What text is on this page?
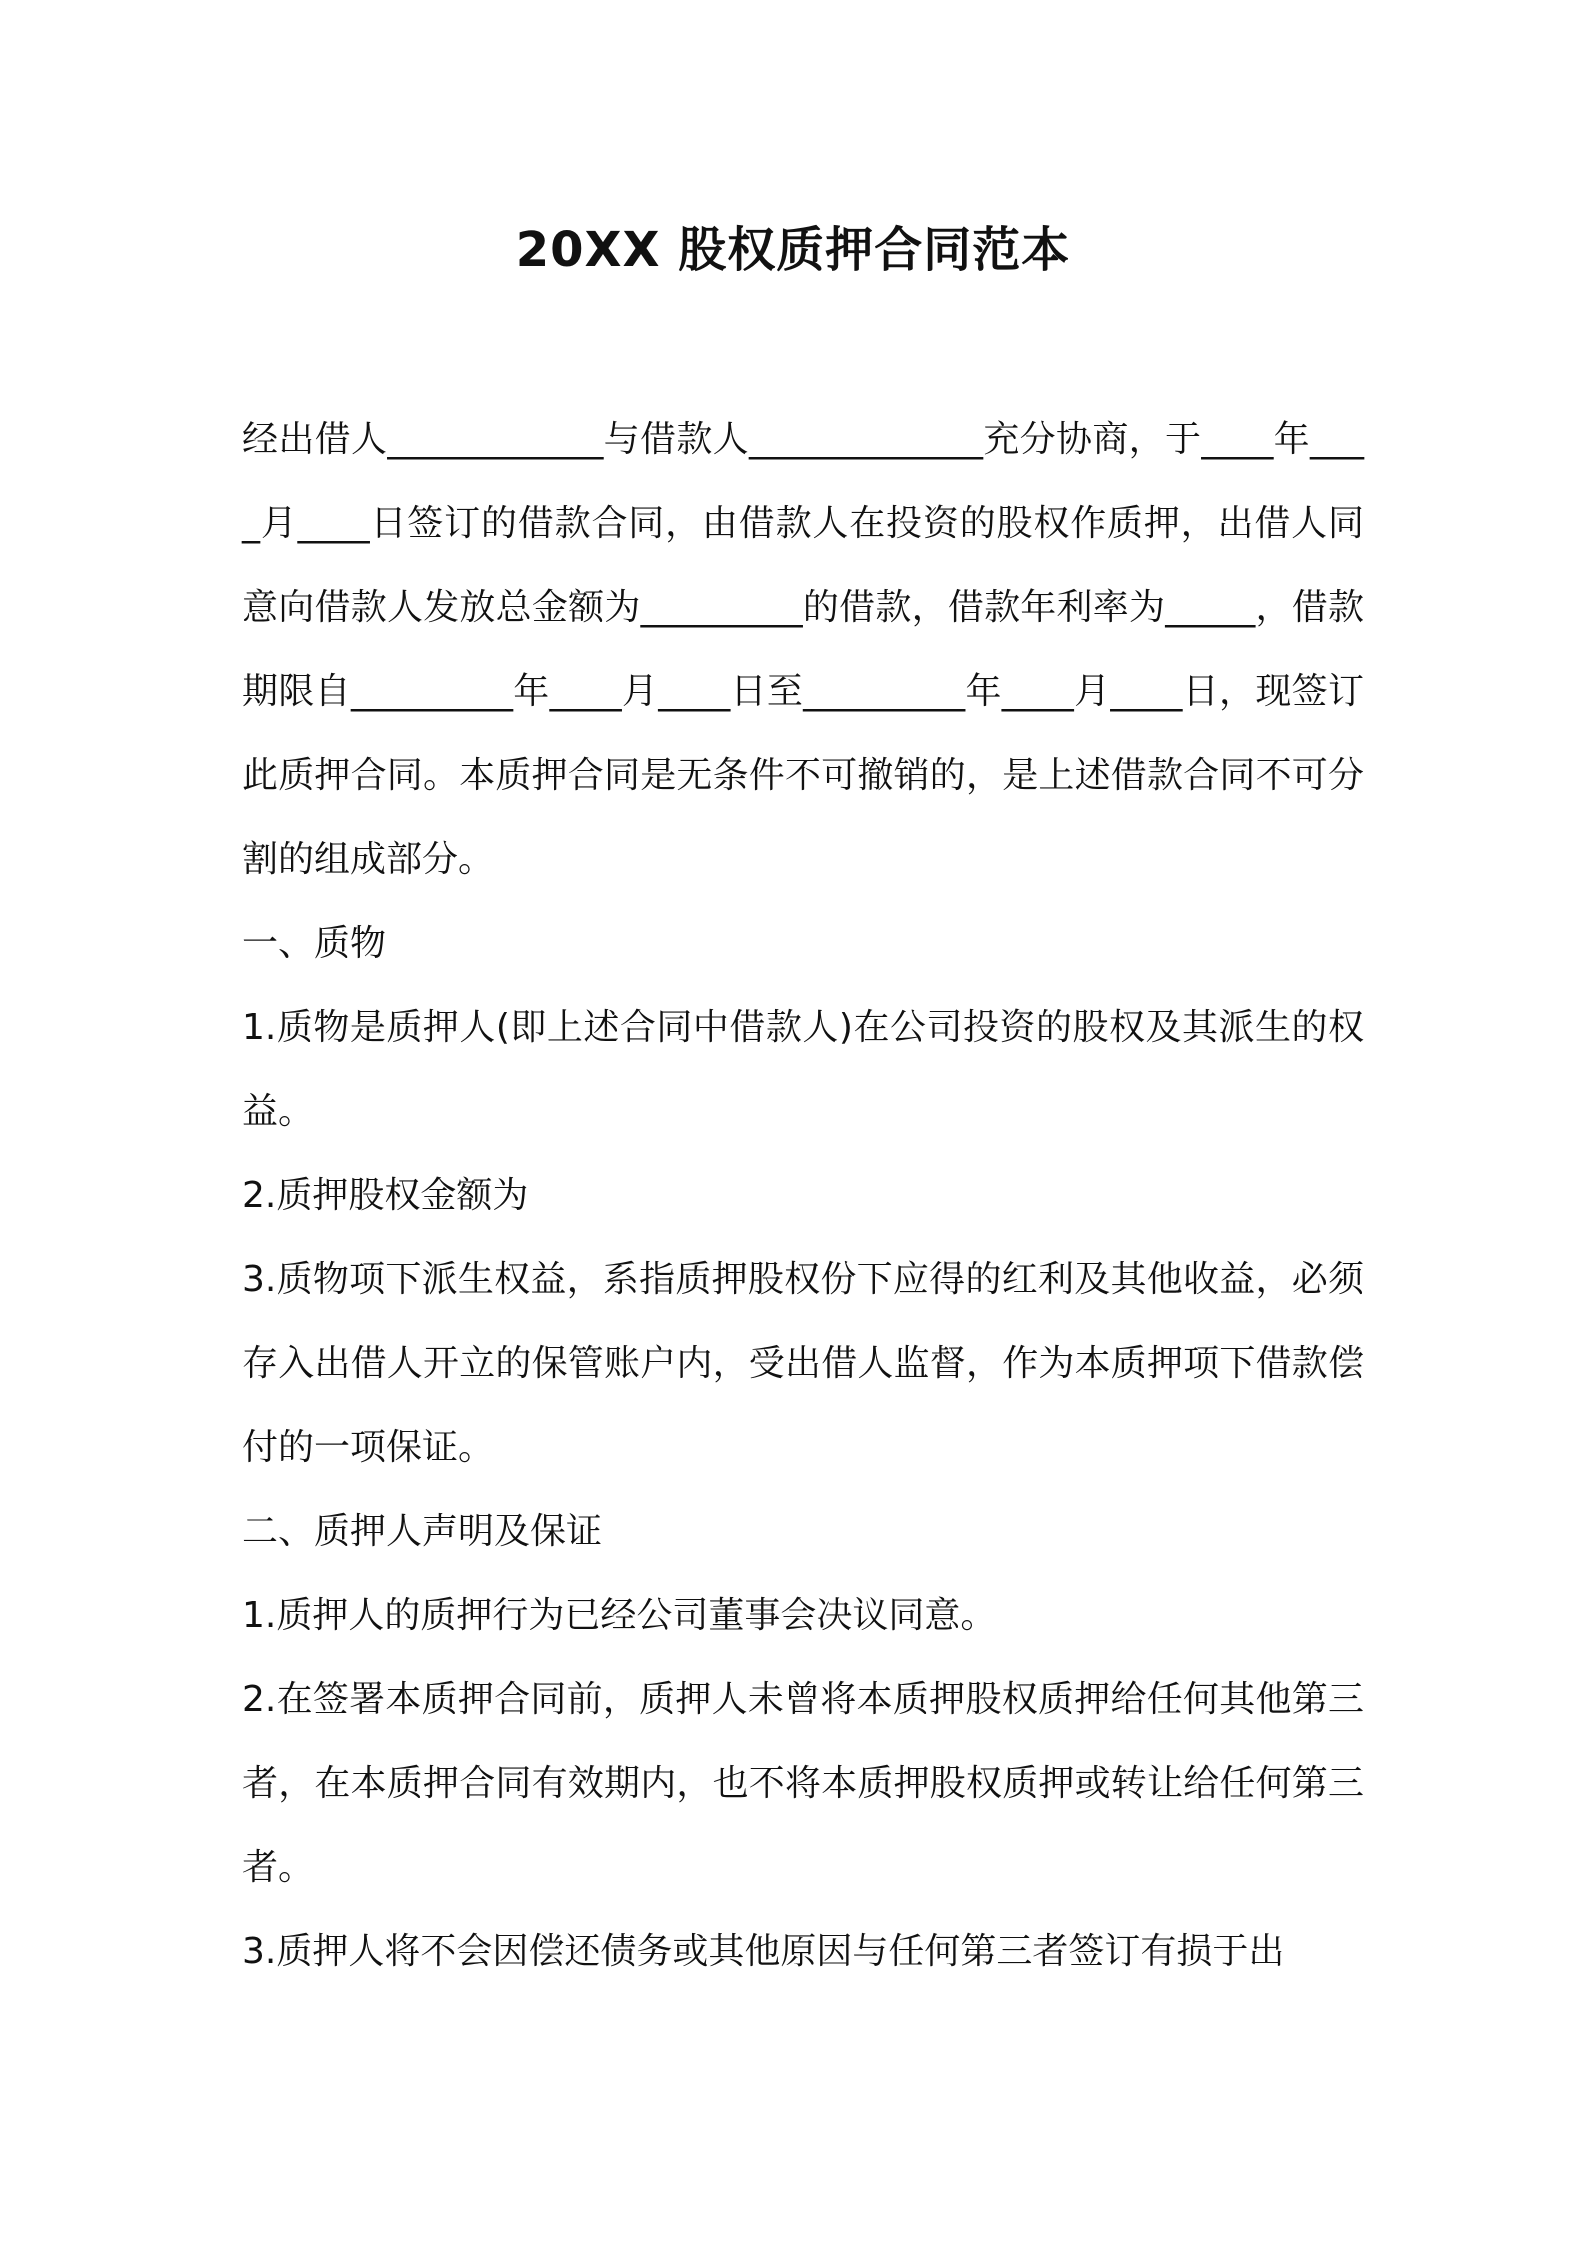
20XX 股权质押合同范本

经出借人____________与借款人_____________充分协商，于____年____月____日签订的借款合同，由借款人在投资的股权作质押，出借人同意向借款人发放总金额为_________的借款，借款年利率为_____，借款期限自_________年____月____日至_________年____月____日，现签订此质押合同。本质押合同是无条件不可撤销的，是上述借款合同不可分割的组成部分。

一、质物

1.质物是质押人(即上述合同中借款人)在公司投资的股权及其派生的权益。

2.质押股权金额为

3.质物项下派生权益，系指质押股权份下应得的红利及其他收益，必须存入出借人开立的保管账户内，受出借人监督，作为本质押项下借款偿付的一项保证。

二、质押人声明及保证

1.质押人的质押行为已经公司董事会决议同意。

2.在签署本质押合同前，质押人未曾将本质押股权质押给任何其他第三者，在本质押合同有效期内，也不将本质押股权质押或转让给任何第三者。

3.质押人将不会因偿还债务或其他原因与任何第三者签订有损于出
